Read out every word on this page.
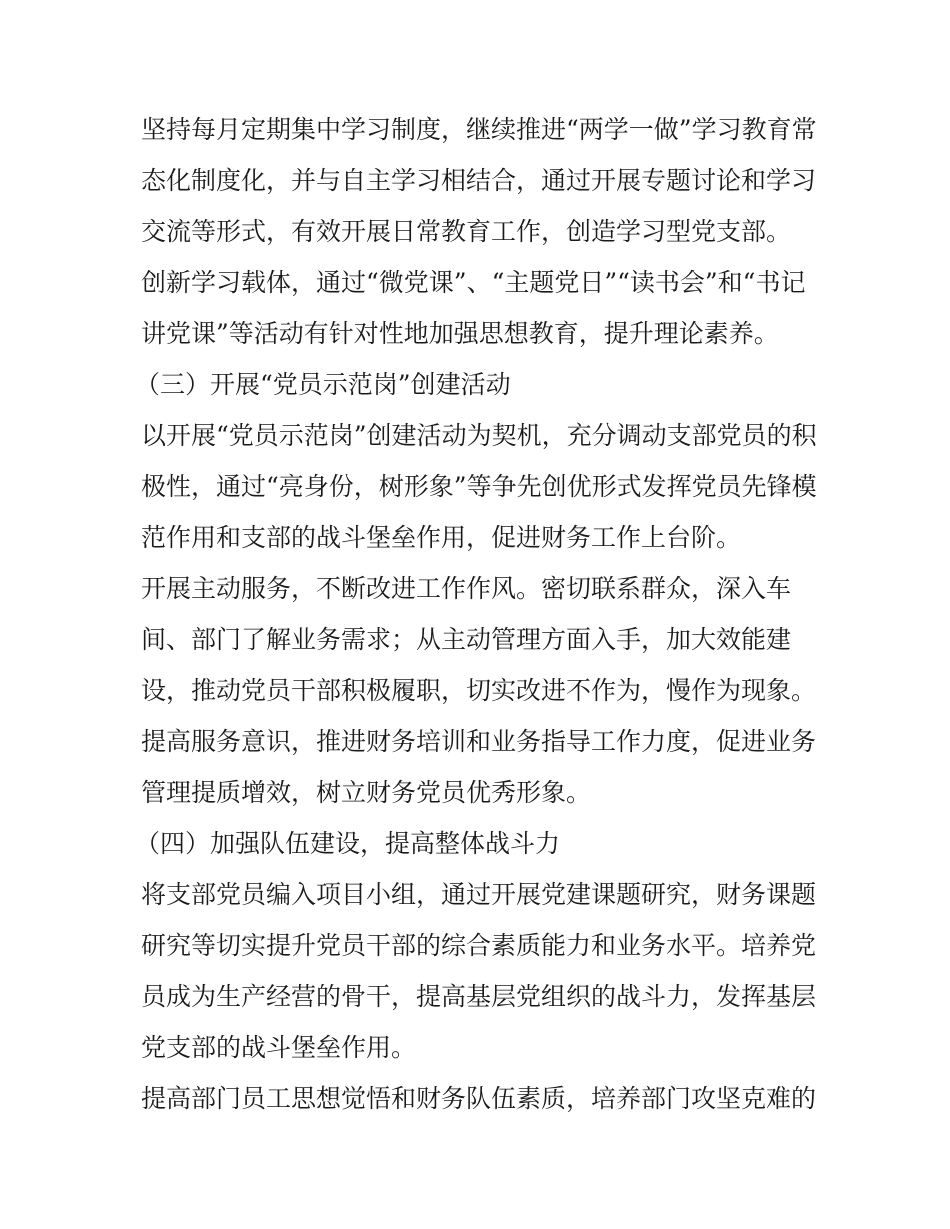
坚持每月定期集中学习制度，继续推进“两学一做”学习教育常
态化制度化，并与自主学习相结合，通过开展专题讨论和学习
交流等形式，有效开展日常教育工作，创造学习型党支部。
创新学习载体，通过“微党课”、“主题党日”“读书会”和“书记
讲党课”等活动有针对性地加强思想教育，提升理论素养。
（三）开展“党员示范岗”创建活动
以开展“党员示范岗”创建活动为契机，充分调动支部党员的积
极性，通过“亮身份，树形象”等争先创优形式发挥党员先锋模
范作用和支部的战斗堡垒作用，促进财务工作上台阶。
开展主动服务，不断改进工作作风。密切联系群众，深入车
间、部门了解业务需求；从主动管理方面入手，加大效能建
设，推动党员干部积极履职，切实改进不作为，慢作为现象。
提高服务意识，推进财务培训和业务指导工作力度，促进业务
管理提质增效，树立财务党员优秀形象。
（四）加强队伍建设，提高整体战斗力
将支部党员编入项目小组，通过开展党建课题研究，财务课题
研究等切实提升党员干部的综合素质能力和业务水平。培养党
员成为生产经营的骨干，提高基层党组织的战斗力，发挥基层
党支部的战斗堡垒作用。
提高部门员工思想觉悟和财务队伍素质，培养部门攻坚克难的
